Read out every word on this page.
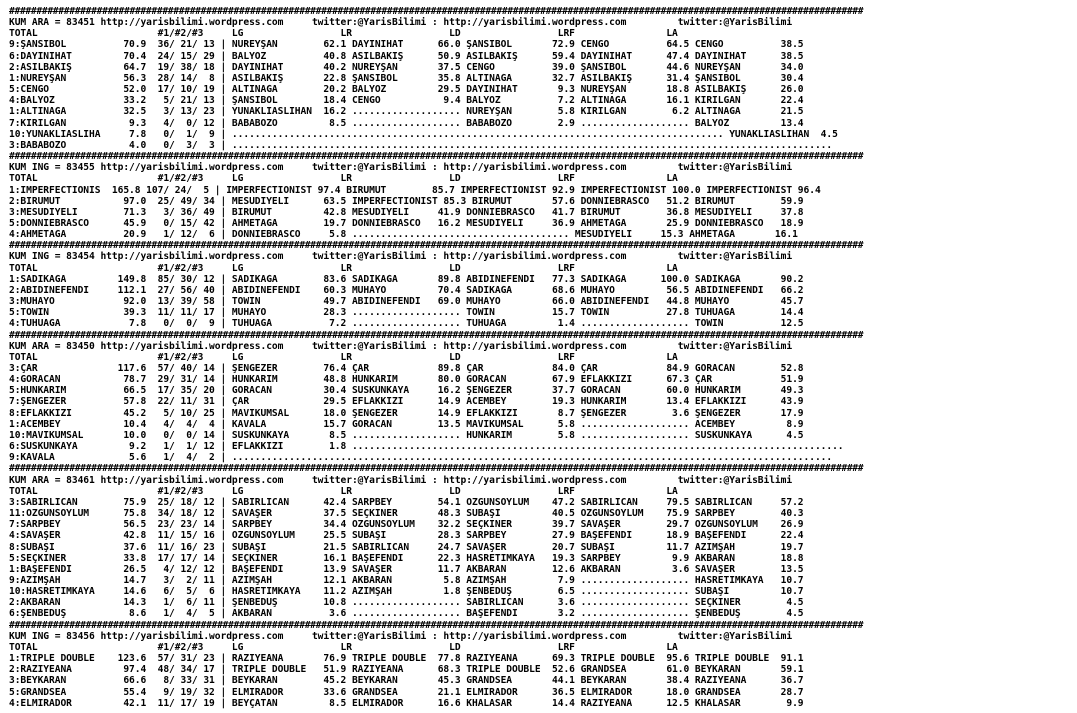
############################################################################################################################################################
KUM ARA = 83451 http://yarisbilimi.wordpress.com     twitter:@YarisBilimi : http://yarisbilimi.wordpress.com         twitter:@YarisBilimi
TOTAL                     #1/#2/#3     LG                 LR                 LD                 LRF                LA
9:ŞANSIBOL          70.9  36/ 21/ 13 | NUREYŞAN        62.1 DAYINİHAT      66.0 ŞANSIBOL       72.9 CENGO          64.5 CENGO          38.5
6:DAYINİHAT         70.4  24/ 15/ 29 | BALYOZ          40.8 ASILBAKIŞ      50.9 ASILBAKIŞ      59.4 DAYINİHAT      47.4 DAYINİHAT      38.5
2:ASILBAKIŞ         64.7  19/ 38/ 18 | DAYINİHAT       40.2 NUREYŞAN       37.5 CENGO          39.0 ŞANSIBOL       44.6 NUREYŞAN       34.0
1:NUREYŞAN          56.3  28/ 14/  8 | ASILBAKIŞ       22.8 ŞANSIBOL       35.8 ALTINAĞA       32.7 ASILBAKIŞ      31.4 ŞANSIBOL       30.4
5:CENGO             52.0  17/ 10/ 19 | ALTINAĞA        20.2 BALYOZ         29.5 DAYINİHAT       9.3 NUREYŞAN       18.8 ASILBAKIŞ      26.0
4:BALYOZ            33.2   5/ 21/ 13 | ŞANSIBOL        18.4 CENGO           9.4 BALYOZ          7.2 ALTINAĞA       16.1 KIRILGAN       22.4
1:ALTINAĞA          32.5   3/ 13/ 23 | YUNAKLIASLIHAN  16.2 ................... NUREYŞAN        5.8 KIRILGAN        6.2 ALTINAĞA       21.5
7:KIRILGAN           9.3   4/  0/ 12 | BABABOZO         8.5 ................... BABABOZO        2.9 ................... BALYOZ         13.4
10:YUNAKLIASLIHA     7.8   0/  1/  9 | ...................................................................................... YUNAKLIASLIHAN  4.5
3:BABABOZO           4.0   0/  3/  3 | .........................................................................................................
############################################################################################################################################################
KUM ING = 83455 http://yarisbilimi.wordpress.com     twitter:@YarisBilimi : http://yarisbilimi.wordpress.com         twitter:@YarisBilimi
TOTAL                     #1/#2/#3     LG                 LR                 LD                 LRF                LA
1:IMPERFECTIONIS  165.8 107/ 24/  5 | IMPERFECTIONIST 97.4 BIRUMUT        85.7 IMPERFECTIONIST 92.9 IMPERFECTIONIST 100.0 IMPERFECTIONIST 96.4
2:BIRUMUT           97.0  25/ 49/ 34 | MESUDİYELİ      63.5 IMPERFECTIONIST 85.3 BIRUMUT       57.6 DONNIEBRASCO   51.2 BIRUMUT        59.9
3:MESUDİYELİ        71.3   3/ 36/ 49 | BIRUMUT         42.8 MESUDİYELİ     41.9 DONNIEBRASCO   41.7 BIRUMUT        36.8 MESUDİYELİ     37.8
5:DONNIEBRASCO      45.9   0/ 15/ 42 | AHMETAĞA        19.7 DONNIEBRASCO   16.2 MESUDİYELİ     36.9 AHMETAĞA       25.9 DONNIEBRASCO   18.9
4:AHMETAĞA          20.9   1/ 12/  6 | DONNIEBRASCO     5.8 ...................................... MESUDİYELİ     15.3 AHMETAĞA       16.1
############################################################################################################################################################
KUM ING = 83454 http://yarisbilimi.wordpress.com     twitter:@YarisBilimi : http://yarisbilimi.wordpress.com         twitter:@YarisBilimi
TOTAL                     #1/#2/#3     LG                 LR                 LD                 LRF                LA
1:SADIKAĞA         149.8  85/ 30/ 12 | SADIKAĞA        83.6 SADIKAĞA       89.8 ABİDİNEFENDİ   77.3 SADIKAĞA      100.0 SADIKAĞA       90.2
2:ABİDİNEFENDİ     112.1  27/ 56/ 40 | ABİDİNEFENDİ    60.3 MUHAYO         70.4 SADIKAĞA       68.6 MUHAYO         56.5 ABİDİNEFENDİ   66.2
3:MUHAYO            92.0  13/ 39/ 58 | TOWIN           49.7 ABİDİNEFENDİ   69.0 MUHAYO         66.0 ABİDİNEFENDİ   44.8 MUHAYO         45.7
5:TOWIN             39.3  11/ 11/ 17 | MUHAYO          28.3 ................... TOWIN          15.7 TOWIN          27.8 TUHUAĞA        14.4
4:TUHUAĞA            7.8   0/  0/  9 | TUHUAĞA          7.2 ................... TUHUAĞA         1.4 ................... TOWIN          12.5
############################################################################################################################################################
KUM ARA = 83450 http://yarisbilimi.wordpress.com     twitter:@YarisBilimi : http://yarisbilimi.wordpress.com         twitter:@YarisBilimi
TOTAL                     #1/#2/#3     LG                 LR                 LD                 LRF                LA
3:ÇAR              117.6  57/ 40/ 14 | ŞENGEZER        76.4 ÇAR            89.8 ÇAR            84.0 ÇAR            84.9 GORACAN        52.8
4:GORACAN           78.7  29/ 31/ 14 | HÜNKARIM        48.8 HÜNKARIM       80.0 GORACAN        67.9 EFLAKKIZI      67.3 ÇAR            51.9
5:HÜNKARIM          66.5  17/ 35/ 20 | GORACAN         30.4 SUSKUNKAYA     16.2 ŞENGEZER       37.7 GORACAN        60.0 HÜNKARIM       49.3
7:ŞENGEZER          57.8  22/ 11/ 31 | ÇAR             29.5 EFLAKKIZI      14.9 ACEMBEY        19.3 HÜNKARIM       13.4 EFLAKKIZI      43.9
8:EFLAKKIZI         45.2   5/ 10/ 25 | MAVIKUMSAL      18.0 ŞENGEZER       14.9 EFLAKKIZI       8.7 ŞENGEZER        3.6 ŞENGEZER       17.9
1:ACEMBEY           10.4   4/  4/  4 | KAVALA          15.7 GORACAN        13.5 MAVIKUMSAL      5.8 ................... ACEMBEY         8.9
10:MAVIKUMSAL       10.0   0/  0/ 14 | SUSKUNKAYA       8.5 ................... HÜNKARIM        5.8 ................... SUSKUNKAYA      4.5
6:SUSKUNKAYA         9.2   1/  1/ 12 | EFLAKKIZI        1.8 ......................................................................................
9:KAVALA             5.6   1/  4/  2 | .........................................................................................................
############################################################################################################################################################
KUM ARA = 83461 http://yarisbilimi.wordpress.com     twitter:@YarisBilimi : http://yarisbilimi.wordpress.com         twitter:@YarisBilimi
TOTAL                     #1/#2/#3     LG                 LR                 LD                 LRF                LA
3:SABIRLICAN        75.9  25/ 18/ 12 | SABIRLICAN      42.4 SARPBEY        54.1 ÖZGÜNSOYLUM    47.2 SABIRLICAN     79.5 SABIRLICAN     57.2
11:ÖZGÜNSOYLUM      75.8  34/ 18/ 12 | SAVAŞER         37.5 SEÇKİNER       48.3 SUBAŞI         40.5 ÖZGÜNSOYLUM    75.9 SARPBEY        40.3
7:SARPBEY           56.5  23/ 23/ 14 | SARPBEY         34.4 ÖZGÜNSOYLUM    32.2 SEÇKİNER       39.7 SAVAŞER        29.7 ÖZGÜNSOYLUM    26.9
4:SAVAŞER           42.8  11/ 15/ 16 | ÖZGÜNSOYLUM     25.5 SUBAŞI         28.3 SARPBEY        27.9 BAŞEFENDİ      18.9 BAŞEFENDİ      22.4
8:SUBAŞI            37.6  11/ 16/ 23 | SUBAŞI          21.5 SABIRLICAN     24.7 SAVAŞER        20.7 SUBAŞI         11.7 AZİMŞAH        19.7
5:SEÇKİNER          33.8  17/ 17/ 14 | SEÇKİNER        16.1 BAŞEFENDİ      22.3 HASRETİMKAYA   19.3 SARPBEY         9.9 AKBARAN        18.8
1:BAŞEFENDİ         26.5   4/ 12/ 12 | BAŞEFENDİ       13.9 SAVAŞER        11.7 AKBARAN        12.6 AKBARAN         3.6 SAVAŞER        13.5
9:AZİMŞAH           14.7   3/  2/ 11 | AZİMŞAH         12.1 AKBARAN         5.8 AZİMŞAH         7.9 ................... HASRETİMKAYA   10.7
10:HASRETİMKAYA     14.6   6/  5/  6 | HASRETİMKAYA    11.2 AZİMŞAH         1.8 ŞENBEDÜŞ        6.5 ................... SUBAŞI         10.7
2:AKBARAN           14.3   1/  6/ 11 | ŞENBEDÜŞ        10.8 ................... SABIRLICAN      3.6 ................... SEÇKİNER        4.5
6:ŞENBEDÜŞ           8.6   1/  4/  5 | AKBARAN          3.6 ................... BAŞEFENDİ       3.2 ................... ŞENBEDÜŞ        4.5
############################################################################################################################################################
KUM ING = 83456 http://yarisbilimi.wordpress.com     twitter:@YarisBilimi : http://yarisbilimi.wordpress.com         twitter:@YarisBilimi
TOTAL                     #1/#2/#3     LG                 LR                 LD                 LRF                LA
1:TRIPLE DOUBLE    123.6  57/ 31/ 23 | RAZİYEANA       76.9 TRIPLE DOUBLE  77.8 RAZİYEANA      69.3 TRIPLE DOUBLE  95.6 TRIPLE DOUBLE  91.1
2:RAZİYEANA         97.4  48/ 34/ 17 | TRIPLE DOUBLE   51.9 RAZİYEANA      68.3 TRIPLE DOUBLE  52.6 GRANDSEA       61.0 BEYKARAN       59.1
3:BEYKARAN          66.6   8/ 33/ 31 | BEYKARAN        45.2 BEYKARAN       45.3 GRANDSEA       44.1 BEYKARAN       38.4 RAZİYEANA      36.7
5:GRANDSEA          55.4   9/ 19/ 32 | ELMIRADOR       33.6 GRANDSEA       21.1 ELMIRADOR      36.5 ELMIRADOR      18.0 GRANDSEA       28.7
4:ELMIRADOR         42.1  11/ 17/ 19 | BEYÇATAN         8.5 ELMIRADOR      16.6 KHALASAR       14.4 RAZİYEANA      12.5 KHALASAR        9.9
